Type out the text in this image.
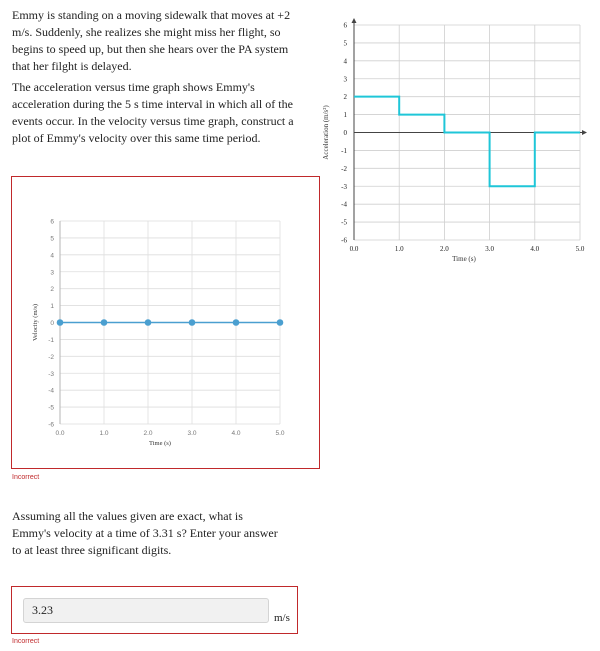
Emmy is standing on a moving sidewalk that moves at +2 m/s. Suddenly, she realizes she might miss her flight, so begins to speed up, but then she hears over the PA system that her filght is delayed.
The acceleration versus time graph shows Emmy's acceleration during the 5 s time interval in which all of the events occur. In the velocity versus time graph, construct a plot of Emmy's velocity over this same time period.
6
5
4
3
2
1
0
-1
-2
-3
-4
-5
-6
0.0	1.0	2.0	3.0	4.0	5.0
Time (s)
Acceleration (m/s²)
6
5
4
3
2
1
0
-1
-2
-3
-4
-5
-6
0.0	1.0	2.0	3.0	4.0	5.0
Time (s)
Velocity (m/s)
Incorrect
Assuming all the values given are exact, what is Emmy's velocity at a time of 3.31 s? Enter your answer to at least three significant digits.
3.23
m/s
Incorrect
